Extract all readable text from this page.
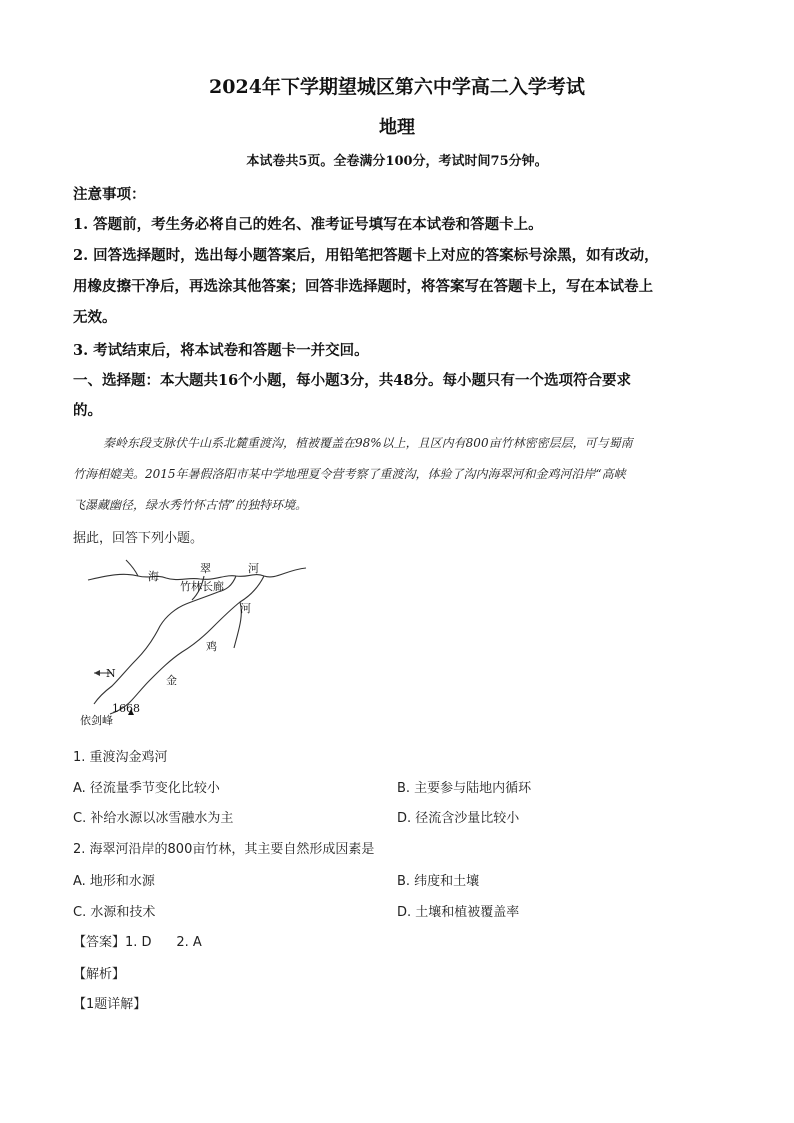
2024年下学期望城区第六中学高二入学考试
地理
本试卷共5页。全卷满分100分，考试时间75分钟。
注意事项：
1. 答题前，考生务必将自己的姓名、准考证号填写在本试卷和答题卡上。
2. 回答选择题时，选出每小题答案后，用铅笔把答题卡上对应的答案标号涂黑，如有改动，
用橡皮擦干净后，再选涂其他答案；回答非选择题时，将答案写在答题卡上，写在本试卷上
无效。
3. 考试结束后，将本试卷和答题卡一并交回。
一、选择题：本大题共16个小题，每小题3分，共48分。每小题只有一个选项符合要求
的。
秦岭东段支脉伏牛山系北麓重渡沟，植被覆盖在98%以上，且区内有800亩竹林密密层层，可与蜀南
竹海相媲美。2015年暑假洛阳市某中学地理夏令营考察了重渡沟，体验了沟内海翠河和金鸡河沿岸“高峡
飞瀑藏幽径，绿水秀竹怀古情”的独特环境。
据此，回答下列小题。
海
翠	河
竹林长廊
河
鸡
金
N
1668
依剑峰
1. 重渡沟金鸡河
A. 径流量季节变化比较小	B. 主要参与陆地内循环
C. 补给水源以冰雪融水为主	D. 径流含沙量比较小
2. 海翠河沿岸的800亩竹林，其主要自然形成因素是
A. 地形和水源	B. 纬度和土壤
C. 水源和技术	D. 土壤和植被覆盖率
【答案】1. D      2. A
【解析】
【1题详解】
